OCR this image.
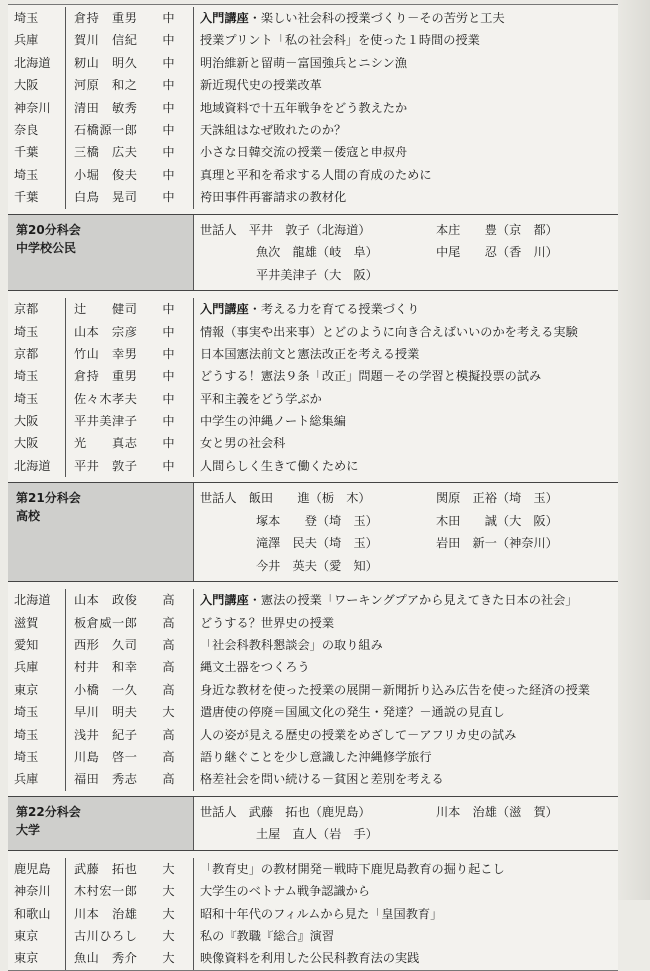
埼玉	倉持　重男	中	入門講座・楽しい社会科の授業づくり－その苦労と工夫
兵庫	賀川　信紀	中	授業プリント「私の社会科」を使った１時間の授業
北海道	籾山　明久	中	明治維新と留萌－富国強兵とニシン漁
大阪	河原　和之	中	新近現代史の授業改革
神奈川	清田　敏秀	中	地域資料で十五年戦争をどう教えたか
奈良	石橋源一郎	中	天誅組はなぜ敗れたのか？
千葉	三橋　広夫	中	小さな日韓交流の授業－倭寇と申叔舟
埼玉	小堀　俊夫	中	真理と平和を希求する人間の育成のために
千葉	白鳥　晃司	中	袴田事件再審請求の教材化
第20分科会
中学校公民
世話人　平井　敦子（北海道）	本庄　　豊（京　都）
魚次　龍雄（岐　阜）	中尾　　忍（香　川）
平井美津子（大　阪）
京都	辻　　健司	中	入門講座・考える力を育てる授業づくり
埼玉	山本　宗彦	中	情報（事実や出来事）とどのように向き合えばいいのかを考える実験
京都	竹山　幸男	中	日本国憲法前文と憲法改正を考える授業
埼玉	倉持　重男	中	どうする！憲法９条「改正」問題－その学習と模擬投票の試み
埼玉	佐々木孝夫	中	平和主義をどう学ぶか
大阪	平井美津子	中	中学生の沖縄ノート総集編
大阪	光　　真志	中	女と男の社会科
北海道	平井　敦子	中	人間らしく生きて働くために
第21分科会
高校
世話人　飯田　　進（栃　木）	関原　正裕（埼　玉）
塚本　　登（埼　玉）	木田　　誠（大　阪）
滝澤　民夫（埼　玉）	岩田　新一（神奈川）
今井　英夫（愛　知）
北海道	山本　政俊	高	入門講座・憲法の授業「ワーキングプアから見えてきた日本の社会」
滋賀	板倉威一郎	高	どうする？世界史の授業
愛知	西形　久司	高	「社会科教科懇談会」の取り組み
兵庫	村井　和幸	高	縄文土器をつくろう
東京	小橋　一久	高	身近な教材を使った授業の展開－新聞折り込み広告を使った経済の授業
埼玉	早川　明夫	大	遣唐使の停廃＝国風文化の発生・発達？－通説の見直し
埼玉	浅井　紀子	高	人の姿が見える歴史の授業をめざして－アフリカ史の試み
埼玉	川島　啓一	高	語り継ぐことを少し意識した沖縄修学旅行
兵庫	福田　秀志	高	格差社会を問い続ける－貧困と差別を考える
第22分科会
大学
世話人　武藤　拓也（鹿児島）	川本　治雄（滋　賀）
土屋　直人（岩　手）
鹿児島	武藤　拓也	大	「教育史」の教材開発－戦時下鹿児島教育の掘り起こし
神奈川	木村宏一郎	大	大学生のベトナム戦争認識から
和歌山	川本　治雄	大	昭和十年代のフィルムから見た「皇国教育」
東京	古川ひろし	大	私の『教職『総合』演習
東京	魚山　秀介	大	映像資料を利用した公民科教育法の実践
